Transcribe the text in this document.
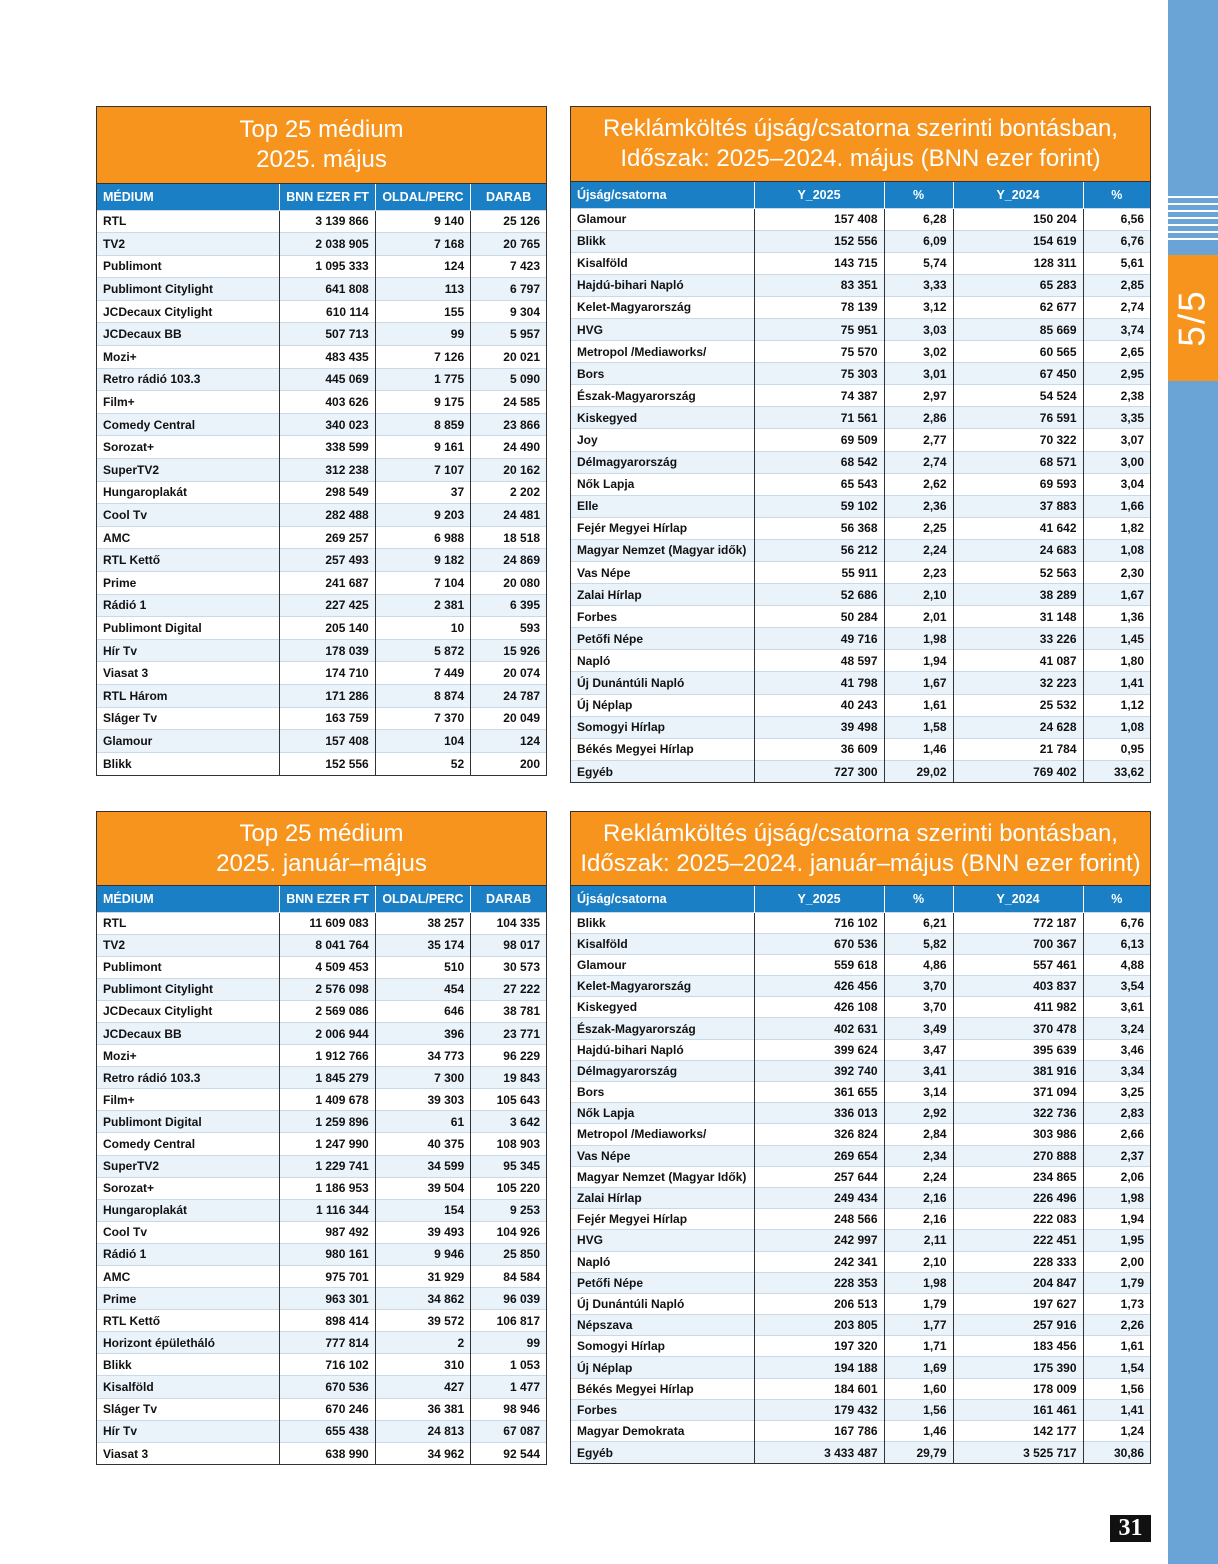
5/5
Top 25 médium
2025. május
MÉDIUM	BNN EZER FT	OLDAL/PERC	DARAB
RTL	3 139 866	9 140	25 126
TV2	2 038 905	7 168	20 765
Publimont	1 095 333	124	7 423
Publimont Citylight	641 808	113	6 797
JCDecaux Citylight	610 114	155	9 304
JCDecaux BB	507 713	99	5 957
Mozi+	483 435	7 126	20 021
Retro rádió 103.3	445 069	1 775	5 090
Film+	403 626	9 175	24 585
Comedy Central	340 023	8 859	23 866
Sorozat+	338 599	9 161	24 490
SuperTV2	312 238	7 107	20 162
Hungaroplakát	298 549	37	2 202
Cool Tv	282 488	9 203	24 481
AMC	269 257	6 988	18 518
RTL Kettő	257 493	9 182	24 869
Prime	241 687	7 104	20 080
Rádió 1	227 425	2 381	6 395
Publimont Digital	205 140	10	593
Hír Tv	178 039	5 872	15 926
Viasat 3	174 710	7 449	20 074
RTL Három	171 286	8 874	24 787
Sláger Tv	163 759	7 370	20 049
Glamour	157 408	104	124
Blikk	152 556	52	200
Reklámköltés újság/csatorna szerinti bontásban,
Időszak: 2025–2024. május (BNN ezer forint)
Újság/csatorna	Y_2025	%	Y_2024	%
Glamour	157 408	6,28	150 204	6,56
Blikk	152 556	6,09	154 619	6,76
Kisalföld	143 715	5,74	128 311	5,61
Hajdú-bihari Napló	83 351	3,33	65 283	2,85
Kelet-Magyarország	78 139	3,12	62 677	2,74
HVG	75 951	3,03	85 669	3,74
Metropol /Mediaworks/	75 570	3,02	60 565	2,65
Bors	75 303	3,01	67 450	2,95
Észak-Magyarország	74 387	2,97	54 524	2,38
Kiskegyed	71 561	2,86	76 591	3,35
Joy	69 509	2,77	70 322	3,07
Délmagyarország	68 542	2,74	68 571	3,00
Nők Lapja	65 543	2,62	69 593	3,04
Elle	59 102	2,36	37 883	1,66
Fejér Megyei Hírlap	56 368	2,25	41 642	1,82
Magyar Nemzet (Magyar idők)	56 212	2,24	24 683	1,08
Vas Népe	55 911	2,23	52 563	2,30
Zalai Hírlap	52 686	2,10	38 289	1,67
Forbes	50 284	2,01	31 148	1,36
Petőfi Népe	49 716	1,98	33 226	1,45
Napló	48 597	1,94	41 087	1,80
Új Dunántúli Napló	41 798	1,67	32 223	1,41
Új Néplap	40 243	1,61	25 532	1,12
Somogyi Hírlap	39 498	1,58	24 628	1,08
Békés Megyei Hírlap	36 609	1,46	21 784	0,95
Egyéb	727 300	29,02	769 402	33,62
Top 25 médium
2025. január–május
MÉDIUM	BNN EZER FT	OLDAL/PERC	DARAB
RTL	11 609 083	38 257	104 335
TV2	8 041 764	35 174	98 017
Publimont	4 509 453	510	30 573
Publimont Citylight	2 576 098	454	27 222
JCDecaux Citylight	2 569 086	646	38 781
JCDecaux BB	2 006 944	396	23 771
Mozi+	1 912 766	34 773	96 229
Retro rádió 103.3	1 845 279	7 300	19 843
Film+	1 409 678	39 303	105 643
Publimont Digital	1 259 896	61	3 642
Comedy Central	1 247 990	40 375	108 903
SuperTV2	1 229 741	34 599	95 345
Sorozat+	1 186 953	39 504	105 220
Hungaroplakát	1 116 344	154	9 253
Cool Tv	987 492	39 493	104 926
Rádió 1	980 161	9 946	25 850
AMC	975 701	31 929	84 584
Prime	963 301	34 862	96 039
RTL Kettő	898 414	39 572	106 817
Horizont épületháló	777 814	2	99
Blikk	716 102	310	1 053
Kisalföld	670 536	427	1 477
Sláger Tv	670 246	36 381	98 946
Hír Tv	655 438	24 813	67 087
Viasat 3	638 990	34 962	92 544
Reklámköltés újság/csatorna szerinti bontásban,
Időszak: 2025–2024. január–május (BNN ezer forint)
Újság/csatorna	Y_2025	%	Y_2024	%
Blikk	716 102	6,21	772 187	6,76
Kisalföld	670 536	5,82	700 367	6,13
Glamour	559 618	4,86	557 461	4,88
Kelet-Magyarország	426 456	3,70	403 837	3,54
Kiskegyed	426 108	3,70	411 982	3,61
Észak-Magyarország	402 631	3,49	370 478	3,24
Hajdú-bihari Napló	399 624	3,47	395 639	3,46
Délmagyarország	392 740	3,41	381 916	3,34
Bors	361 655	3,14	371 094	3,25
Nők Lapja	336 013	2,92	322 736	2,83
Metropol /Mediaworks/	326 824	2,84	303 986	2,66
Vas Népe	269 654	2,34	270 888	2,37
Magyar Nemzet (Magyar Idők)	257 644	2,24	234 865	2,06
Zalai Hírlap	249 434	2,16	226 496	1,98
Fejér Megyei Hírlap	248 566	2,16	222 083	1,94
HVG	242 997	2,11	222 451	1,95
Napló	242 341	2,10	228 333	2,00
Petőfi Népe	228 353	1,98	204 847	1,79
Új Dunántúli Napló	206 513	1,79	197 627	1,73
Népszava	203 805	1,77	257 916	2,26
Somogyi Hírlap	197 320	1,71	183 456	1,61
Új Néplap	194 188	1,69	175 390	1,54
Békés Megyei Hírlap	184 601	1,60	178 009	1,56
Forbes	179 432	1,56	161 461	1,41
Magyar Demokrata	167 786	1,46	142 177	1,24
Egyéb	3 433 487	29,79	3 525 717	30,86
31
